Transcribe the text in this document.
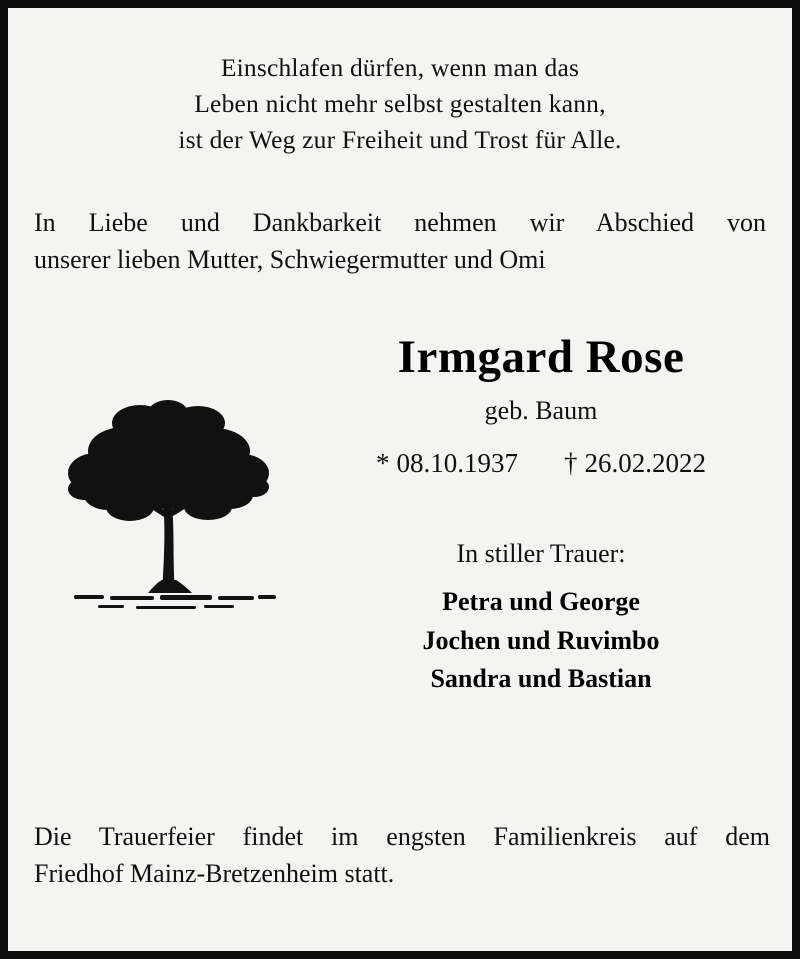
Einschlafen dürfen, wenn man das
Leben nicht mehr selbst gestalten kann,
ist der Weg zur Freiheit und Trost für Alle.
In Liebe und Dankbarkeit nehmen wir Abschied von
unserer lieben Mutter, Schwiegermutter und Omi
Irmgard Rose
geb. Baum
* 08.10.1937 † 26.02.2022
In stiller Trauer:
Petra und George
Jochen und Ruvimbo
Sandra und Bastian
Die Trauerfeier findet im engsten Familienkreis auf dem
Friedhof Mainz-Bretzenheim statt.
